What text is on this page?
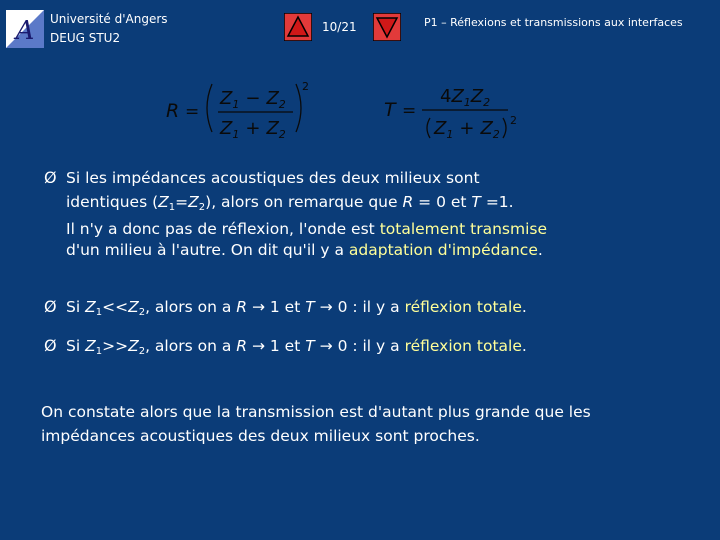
A Université d'Angers
DEUG STU2
10/21	P1 – Réflexions et transmissions aux interfaces
R =
$Z_1 - Z_2$
$Z_1 + Z_2$
2
T =
$4Z_1Z_2$
$Z_1 + Z_2$
2
Ø Si les impédances acoustiques des deux milieux sont
identiques $(Z_1=Z_2)$, alors on remarque que R = 0 et T =1.
Il n'y a donc pas de réflexion, l'onde est totalement transmise
d'un milieu à l'autre. On dit qu'il y a adaptation d'impédance.
Ø Si $Z_1<<Z_2$, alors on a R → 1 et T → 0 : il y a réflexion totale.
Ø Si $Z_1>>Z_2$, alors on a R → 1 et T → 0 : il y a réflexion totale.
On constate alors que la transmission est d'autant plus grande que les
impédances acoustiques des deux milieux sont proches.
